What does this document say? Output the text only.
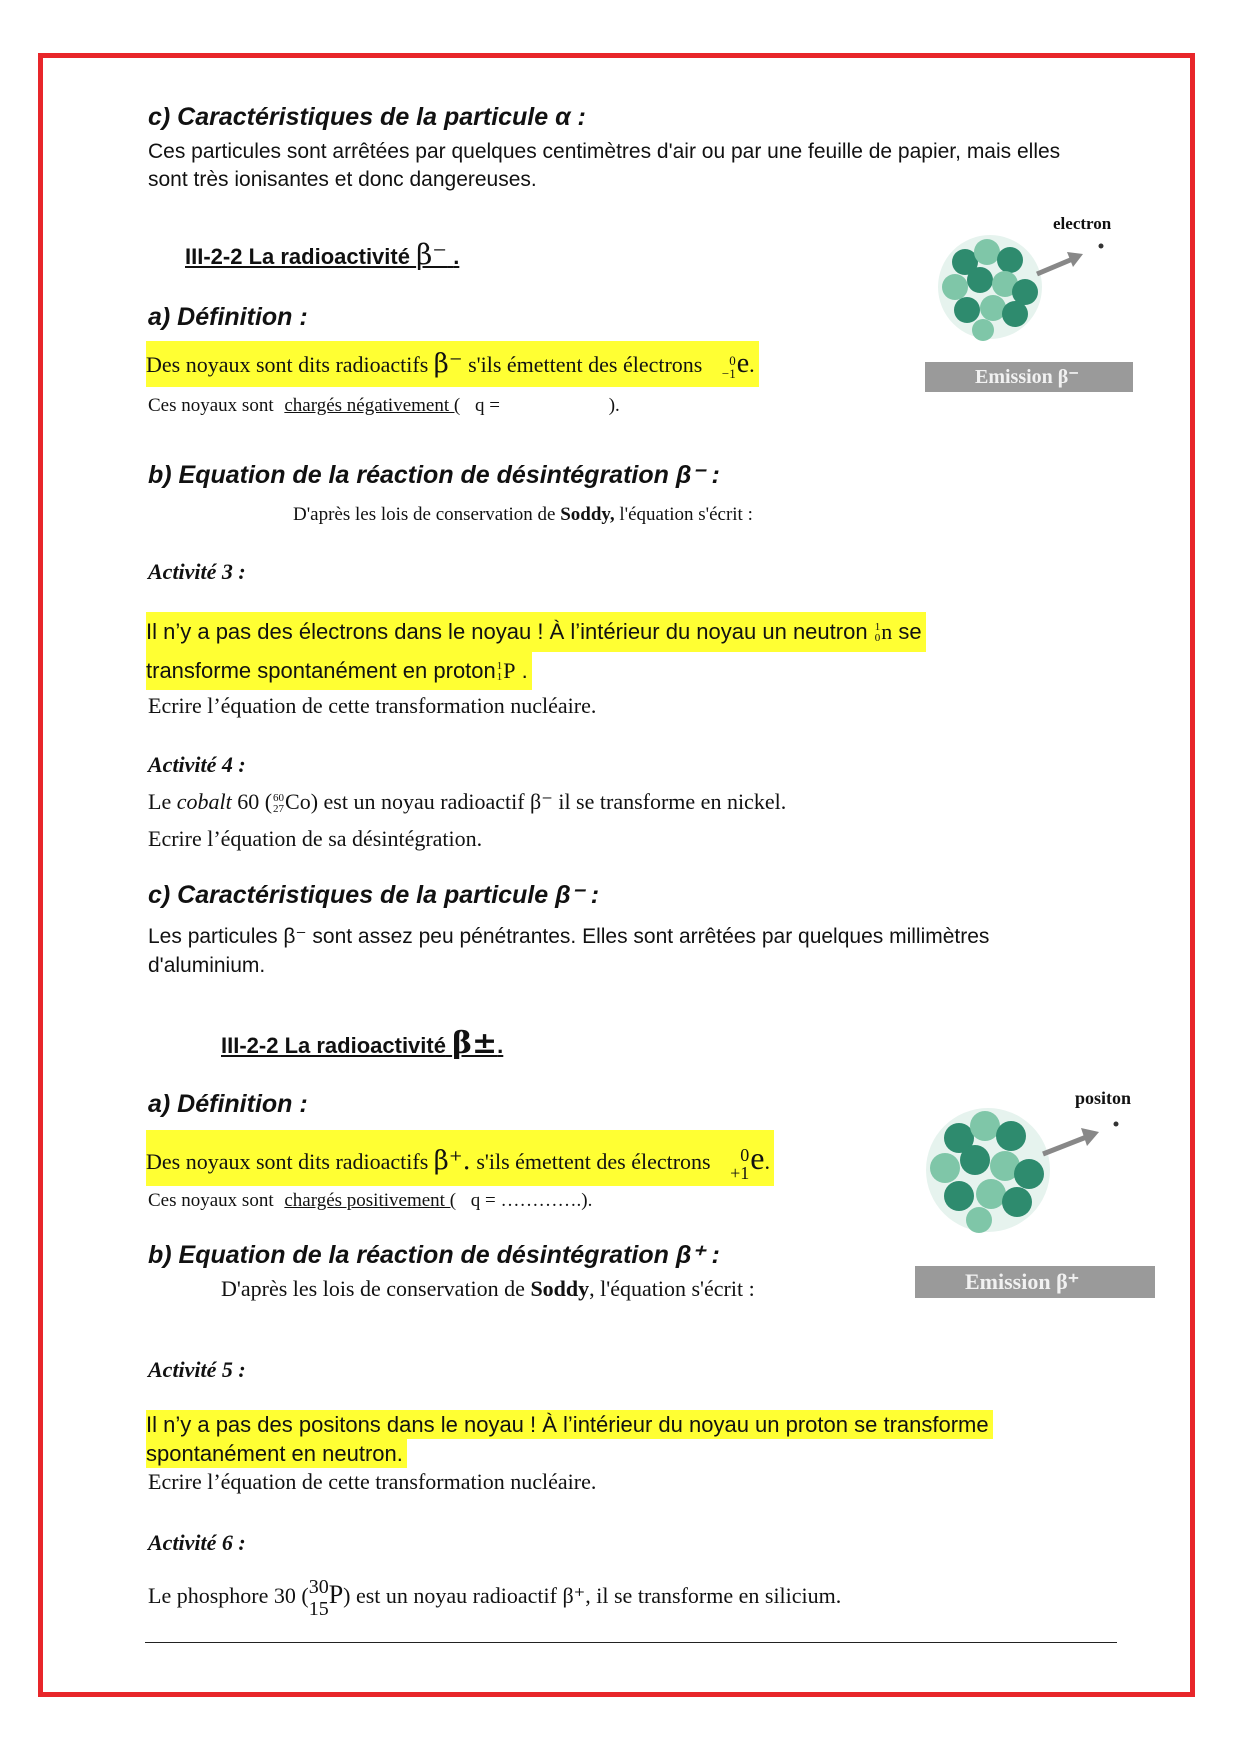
c) Caractéristiques de la particule α :
Ces particules sont arrêtées par quelques centimètres d'air ou par une feuille de papier, mais elles
sont très ionisantes et donc dangereuses.
III-2-2 La radioactivité β⁻ .
electron
Emission β⁻
a) Définition :
Des noyaux sont dits radioactifs β⁻ s'ils émettent des électrons 0
−1 e.
Ces noyaux sont chargés négativement ( q =	).
b) Equation de la réaction de désintégration β⁻ :
D'après les lois de conservation de Soddy, l'équation s'écrit :
Activité 3 :
Il n’y a pas des électrons dans le noyau ! À l’intérieur du noyau un neutron 1
0 n se
transforme spontanément en proton 1
1 P .
Ecrire l’équation de cette transformation nucléaire.
Activité 4 :
Le cobalt 60 ( 60
27 Co) est un noyau radioactif β⁻ il se transforme en nickel.
Ecrire l’équation de sa désintégration.
c) Caractéristiques de la particule β⁻ :
Les particules β⁻ sont assez peu pénétrantes. Elles sont arrêtées par quelques millimètres
d'aluminium.
III-2-2 La radioactivité β±.
positon
Emission β⁺
a) Définition :
Des noyaux sont dits radioactifs β⁺. s'ils émettent des électrons 0
+1 e.
Ces noyaux sont chargés positivement ( q = ………….).
b) Equation de la réaction de désintégration β⁺ :
D'après les lois de conservation de Soddy, l'équation s'écrit :
Activité 5 :
Il n’y a pas des positons dans le noyau ! À l’intérieur du noyau un proton se transforme
spontanément en neutron.
Ecrire l’équation de cette transformation nucléaire.
Activité 6 :
Le phosphore 30 ( 30
15 P) est un noyau radioactif β⁺, il se transforme en silicium.
